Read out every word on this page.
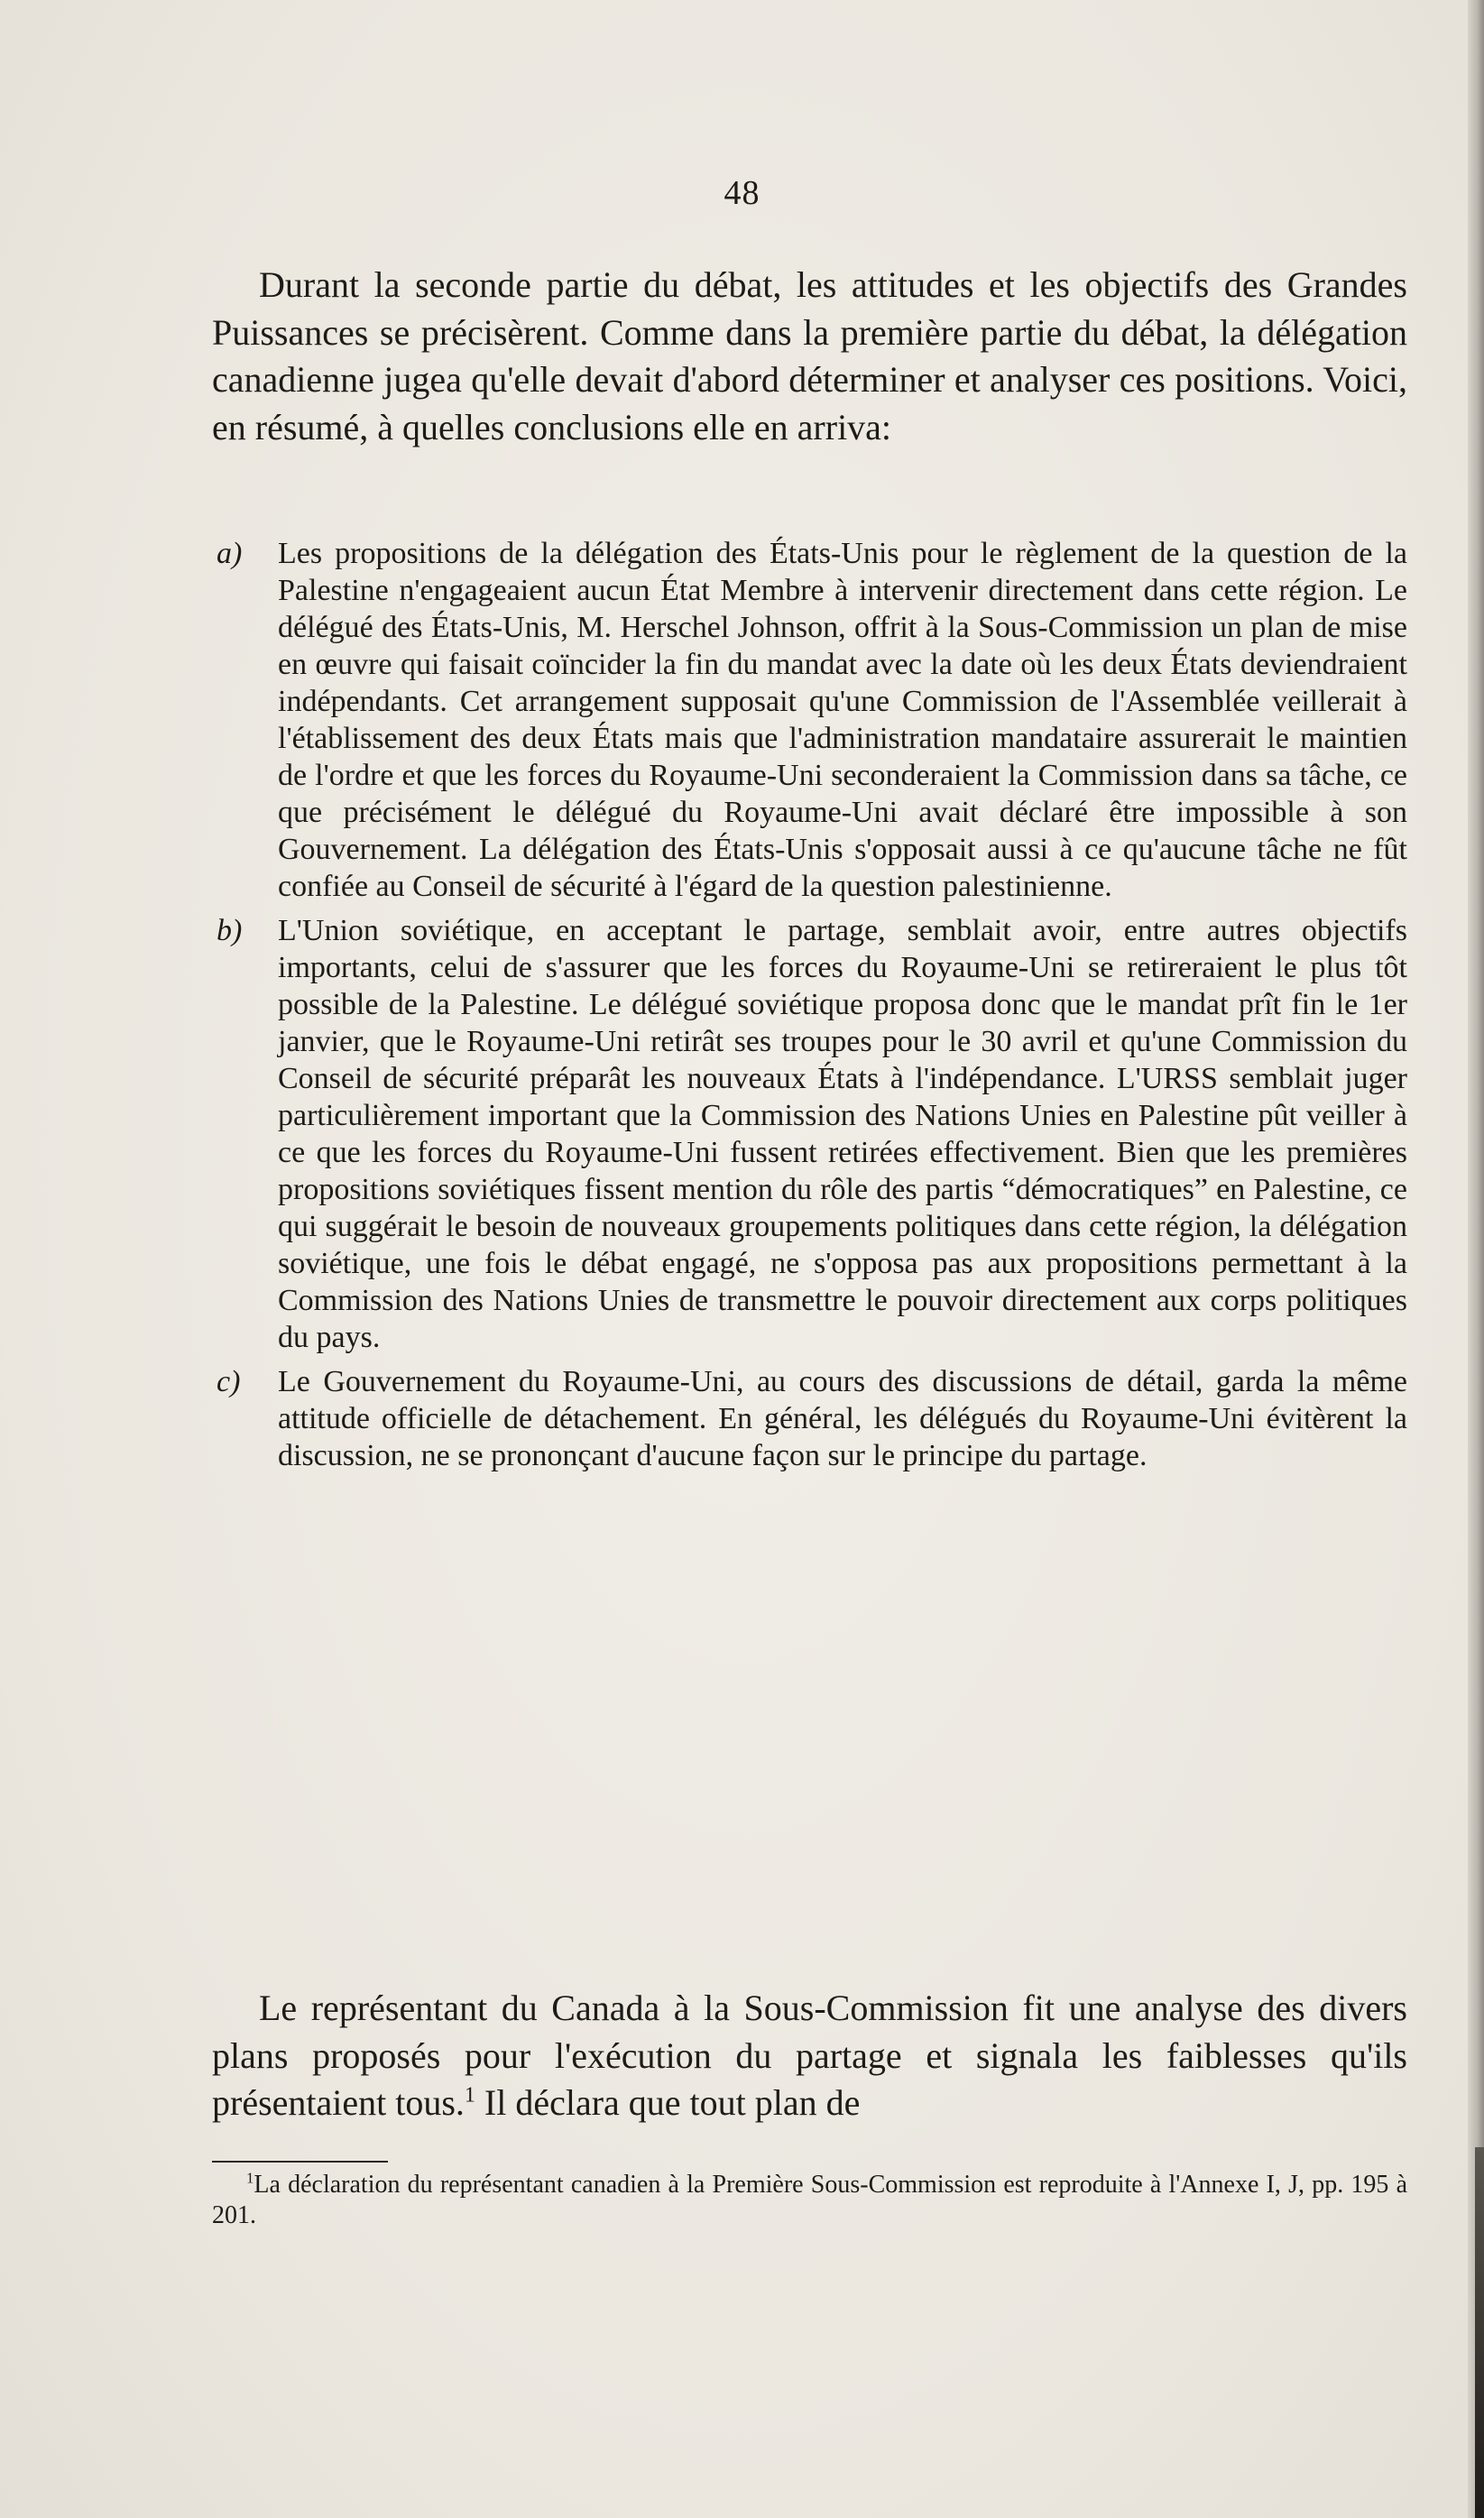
48

Durant la seconde partie du débat, les attitudes et les objectifs des Grandes Puissances se précisèrent. Comme dans la première partie du débat, la délégation canadienne jugea qu'elle devait d'abord déterminer et analyser ces positions. Voici, en résumé, à quelles conclusions elle en arriva:

a) Les propositions de la délégation des États-Unis pour le règlement de la question de la Palestine n'engageaient aucun État Membre à intervenir directement dans cette région. Le délégué des États-Unis, M. Herschel Johnson, offrit à la Sous-Commission un plan de mise en œuvre qui faisait coïncider la fin du mandat avec la date où les deux États deviendraient indépendants. Cet arrangement supposait qu'une Commission de l'Assemblée veillerait à l'établissement des deux États mais que l'administration mandataire assurerait le maintien de l'ordre et que les forces du Royaume-Uni seconderaient la Commission dans sa tâche, ce que précisément le délégué du Royaume-Uni avait déclaré être impossible à son Gouvernement. La délégation des États-Unis s'opposait aussi à ce qu'aucune tâche ne fût confiée au Conseil de sécurité à l'égard de la question palestinienne.
b) L'Union soviétique, en acceptant le partage, semblait avoir, entre autres objectifs importants, celui de s'assurer que les forces du Royaume-Uni se retireraient le plus tôt possible de la Palestine. Le délégué soviétique proposa donc que le mandat prît fin le 1er janvier, que le Royaume-Uni retirât ses troupes pour le 30 avril et qu'une Commission du Conseil de sécurité préparât les nouveaux États à l'indépendance. L'URSS semblait juger particulièrement important que la Commission des Nations Unies en Palestine pût veiller à ce que les forces du Royaume-Uni fussent retirées effectivement. Bien que les premières propositions soviétiques fissent mention du rôle des partis “démocratiques” en Palestine, ce qui suggérait le besoin de nouveaux groupements politiques dans cette région, la délégation soviétique, une fois le débat engagé, ne s'opposa pas aux propositions permettant à la Commission des Nations Unies de transmettre le pouvoir directement aux corps politiques du pays.
c) Le Gouvernement du Royaume-Uni, au cours des discussions de détail, garda la même attitude officielle de détachement. En général, les délégués du Royaume-Uni évitèrent la discussion, ne se prononçant d'aucune façon sur le principe du partage.

Le représentant du Canada à la Sous-Commission fit une analyse des divers plans proposés pour l'exécution du partage et signala les faiblesses qu'ils présentaient tous.$^1$ Il déclara que tout plan de

$^1$La déclaration du représentant canadien à la Première Sous-Commission est reproduite à l'Annexe I, J, pp. 195 à 201.
